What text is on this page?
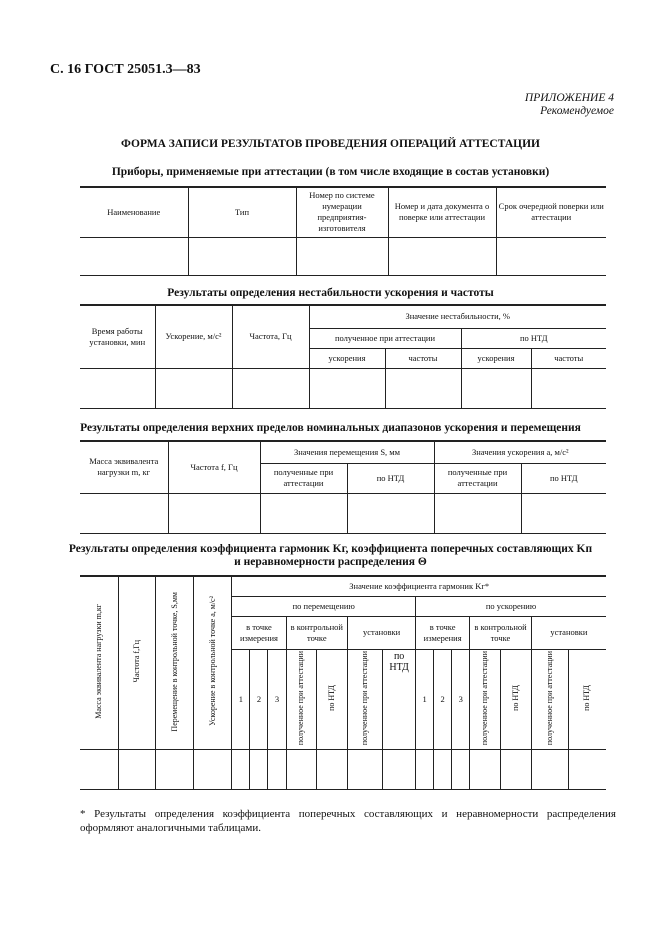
С. 16 ГОСТ 25051.3—83
ПРИЛОЖЕНИЕ 4
Рекомендуемое
ФОРМА ЗАПИСИ РЕЗУЛЬТАТОВ ПРОВЕДЕНИЯ ОПЕРАЦИЙ АТТЕСТАЦИИ
Приборы, применяемые при аттестации (в том числе входящие в состав установки)
Наименование	Тип	Номер по системе нумерации предприятия-изготовителя	Номер и дата документа о поверке или аттестации	Срок очередной поверки или аттестации

Результаты определения нестабильности ускорения и частоты
Время работы установки, мин	Ускорение, м/с²	Частота, Гц	Значение нестабильности, %			
			полученное при аттестации		по НТД	
			ускорения	частоты	ускорения	частоты

Результаты определения верхних пределов номинальных диапазонов ускорения и перемещения
Масса эквивалента нагрузки m, кг	Частота f, Гц	Значения перемещения S, мм		Значения ускорения a, м/с²	
		полученные при аттестации	по НТД	полученные при аттестации	по НТД

Результаты определения коэффициента гармоник Kг, коэффициента поперечных составляющих Kп
и неравномерности распределения Θ
Масса эквивалента нагрузки m,кг	Частота f,Гц	Перемещение в контрольной точке, S,мм	Ускорение в контрольной точке a, м/с²	Значение коэффициента гармоник Kг*													
				по перемещению							по ускорению						
				в точке измерения			в контрольной точке		установки		в точке измерения			в контрольной точке		установки	
				1	2	3	полученное при аттестации	по НТД	полученное при аттестации	по НТД	1	2	3	полученное при аттестации	по НТД	полученное при аттестации	по НТД

* Результаты определения коэффициента поперечных составляющих и неравномерности распределения оформляют аналогичными таблицами.
